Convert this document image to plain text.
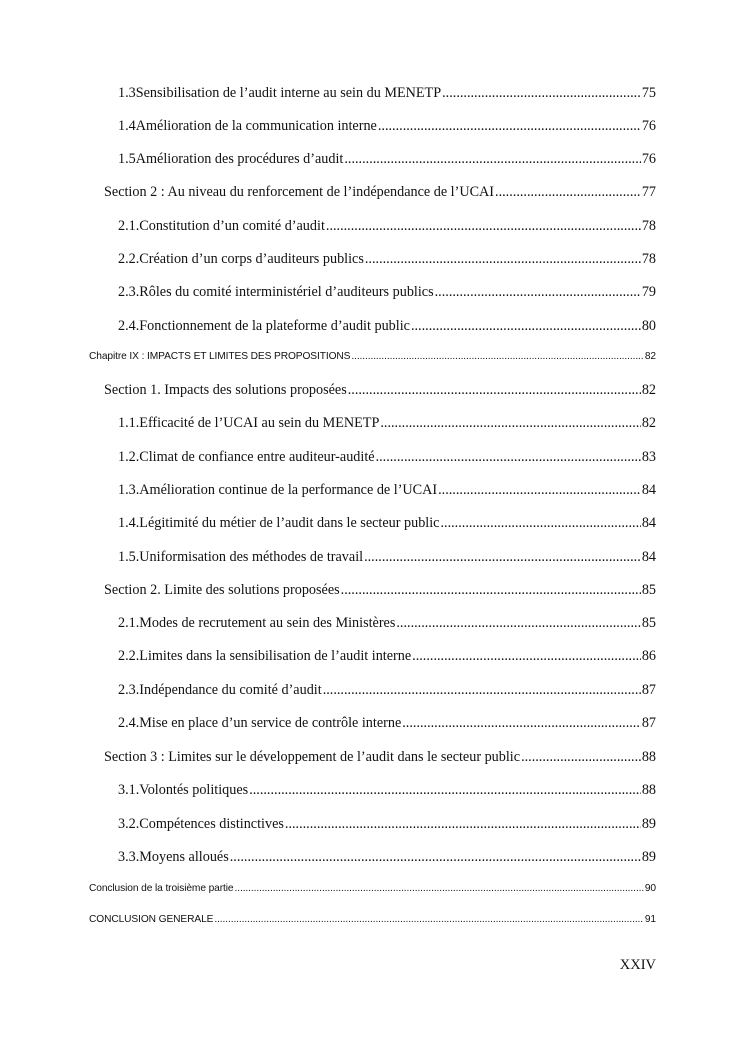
1.3 Sensibilisation de l’audit interne au sein du MENETP .....	75
1.4 Amélioration de la communication interne .....	76
1.5 Amélioration des procédures d’audit .....	76
Section 2 : Au niveau du renforcement de l’indépendance de l’UCAI .....	77
2.1. Constitution d’un comité d’audit .....	78
2.2. Création d’un corps d’auditeurs publics .....	78
2.3. Rôles du comité interministériel d’auditeurs publics .....	79
2.4. Fonctionnement de la plateforme d’audit public .....	80
Chapitre IX : IMPACTS ET LIMITES DES PROPOSITIONS .....	82
Section 1. Impacts des solutions proposées .....	82
1.1. Efficacité de l’UCAI au sein du MENETP .....	82
1.2. Climat de confiance entre auditeur-audité .....	83
1.3. Amélioration continue de la performance de l’UCAI .....	84
1.4. Légitimité du métier de l’audit dans le secteur public .....	84
1.5. Uniformisation des méthodes de travail .....	84
Section 2. Limite des solutions proposées .....	85
2.1. Modes de recrutement au sein des Ministères .....	85
2.2. Limites dans la sensibilisation de l’audit interne .....	86
2.3. Indépendance du comité d’audit .....	87
2.4. Mise en place d’un service de contrôle interne .....	87
Section 3 : Limites sur le développement de l’audit dans le secteur public .....	88
3.1. Volontés politiques .....	88
3.2. Compétences distinctives .....	89
3.3. Moyens alloués .....	89
Conclusion de la troisième partie .....	90
CONCLUSION GENERALE .....	91
XXIV
